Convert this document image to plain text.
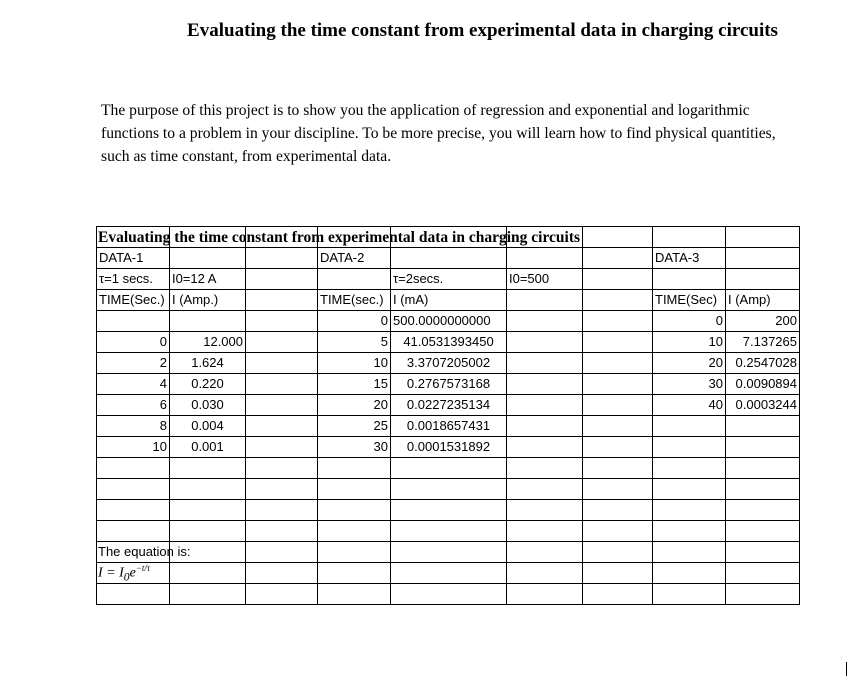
Evaluating the time constant from experimental data in charging circuits
The purpose of this project is to show you the application of regression and exponential and logarithmic
functions to a problem in your discipline. To be more precise, you will learn how to find physical quantities,
such as time constant, from experimental data.

DATA-1			DATA-2				DATA-3	
τ=1 secs.	I0=12 A			τ=2secs.	I0=500			
TIME(Sec.)	I (Amp.)		TIME(sec.)	I (mA)			TIME(Sec)	I (Amp)
			0	500.0000000000			0	200
0	12.000		5	41.0531393450			10	7.137265
2	1.624		10	3.3707205002			20	0.2547028
4	0.220		15	0.2767573168			30	0.0090894
6	0.030		20	0.0227235134			40	0.0003244
8	0.004		25	0.0018657431				
10	0.001		30	0.0001531892				

Evaluating the time constant from experimental data in charging circuits
The equation is:
$I = I_0e^{-t/\tau}$
